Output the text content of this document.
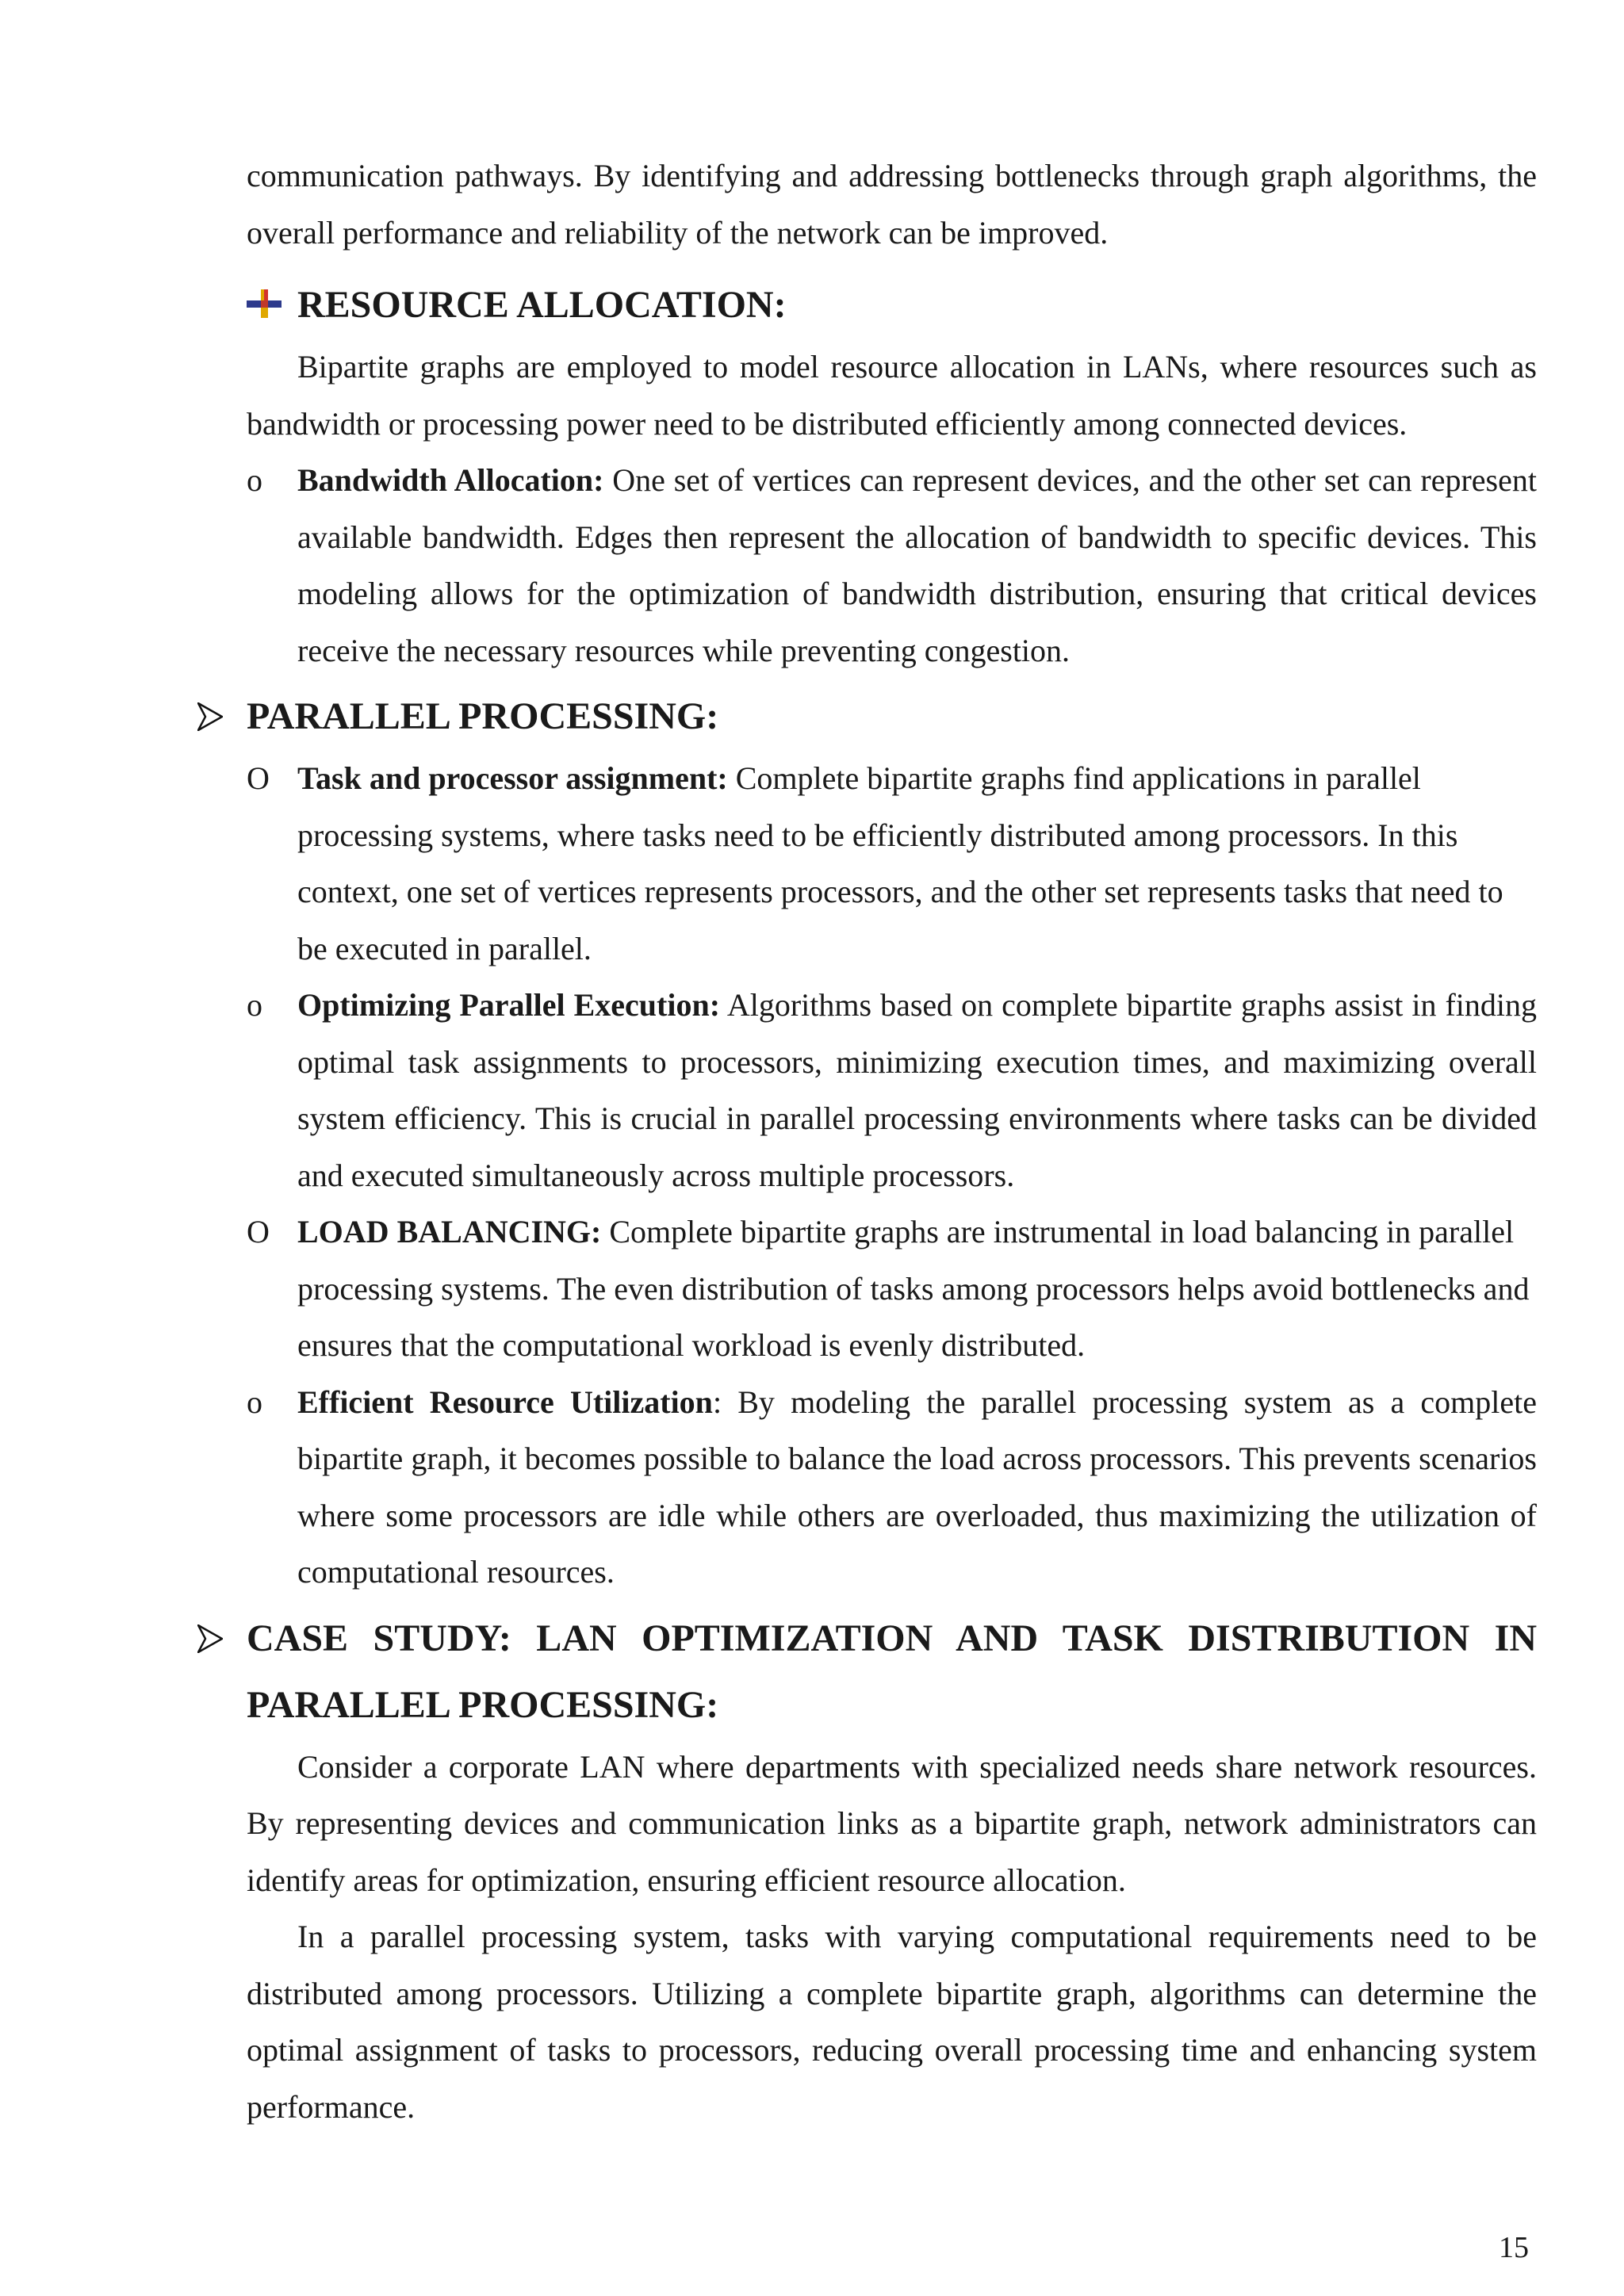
communication pathways. By identifying and addressing bottlenecks through graph algorithms, the overall performance and reliability of the network can be improved.

RESOURCE ALLOCATION:

Bipartite graphs are employed to model resource allocation in LANs, where resources such as bandwidth or processing power need to be distributed efficiently among connected devices.

o Bandwidth Allocation: One set of vertices can represent devices, and the other set can represent available bandwidth. Edges then represent the allocation of bandwidth to specific devices. This modeling allows for the optimization of bandwidth distribution, ensuring that critical devices receive the necessary resources while preventing congestion.
PARALLEL PROCESSING:
O Task and processor assignment: Complete bipartite graphs find applications in parallel processing systems, where tasks need to be efficiently distributed among processors. In this context, one set of vertices represents processors, and the other set represents tasks that need to be executed in parallel.
o Optimizing Parallel Execution: Algorithms based on complete bipartite graphs assist in finding optimal task assignments to processors, minimizing execution times, and maximizing overall system efficiency. This is crucial in parallel processing environments where tasks can be divided and executed simultaneously across multiple processors.
O LOAD BALANCING: Complete bipartite graphs are instrumental in load balancing in parallel processing systems. The even distribution of tasks among processors helps avoid bottlenecks and ensures that the computational workload is evenly distributed.
o Efficient Resource Utilization: By modeling the parallel processing system as a complete bipartite graph, it becomes possible to balance the load across processors. This prevents scenarios where some processors are idle while others are overloaded, thus maximizing the utilization of computational resources.
CASE STUDY: LAN OPTIMIZATION AND TASK DISTRIBUTION IN
PARALLEL PROCESSING:

Consider a corporate LAN where departments with specialized needs share network resources. By representing devices and communication links as a bipartite graph, network administrators can identify areas for optimization, ensuring efficient resource allocation.

In a parallel processing system, tasks with varying computational requirements need to be distributed among processors. Utilizing a complete bipartite graph, algorithms can determine the optimal assignment of tasks to processors, reducing overall processing time and enhancing system performance.

15
